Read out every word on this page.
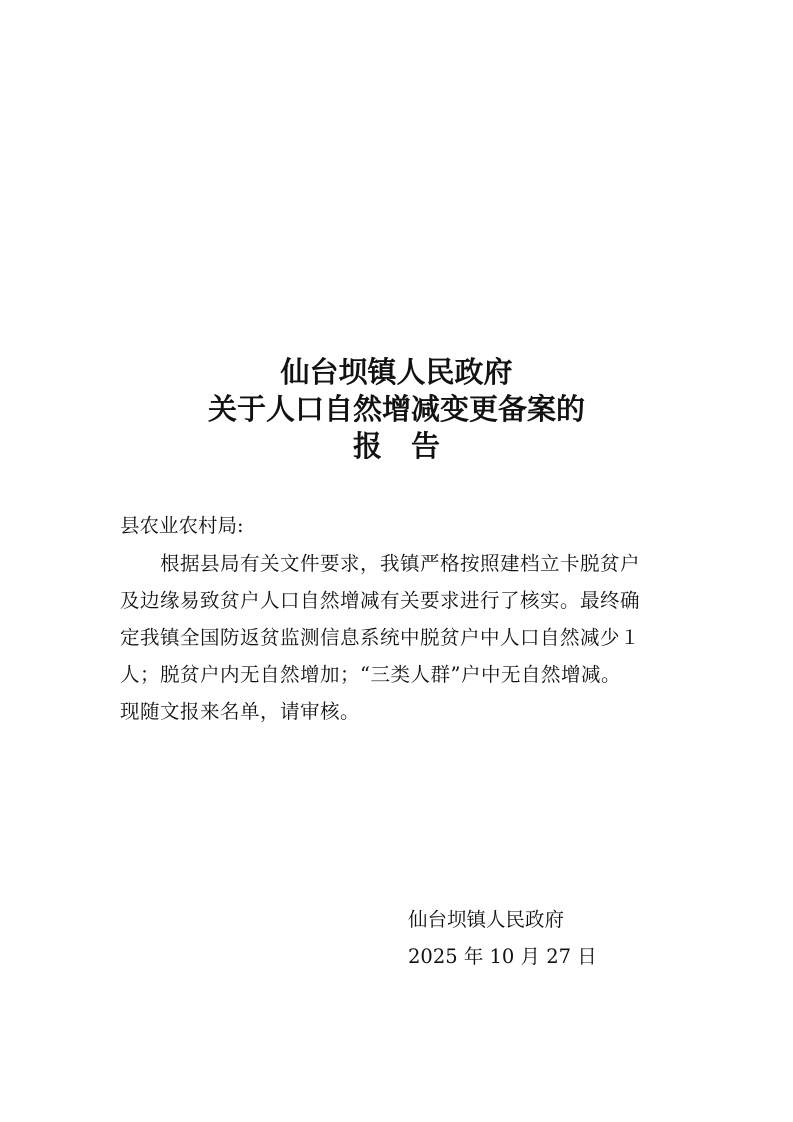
仙台坝镇人民政府
关于人口自然增减变更备案的
报　告
县农业农村局:
根据县局有关文件要求，我镇严格按照建档立卡脱贫户
及边缘易致贫户人口自然增减有关要求进行了核实。最终确
定我镇全国防返贫监测信息系统中脱贫户中人口自然减少１
人；脱贫户内无自然增加；“三类人群”户中无自然增减。
现随文报来名单，请审核。
仙台坝镇人民政府
2025 年 10 月 27 日
